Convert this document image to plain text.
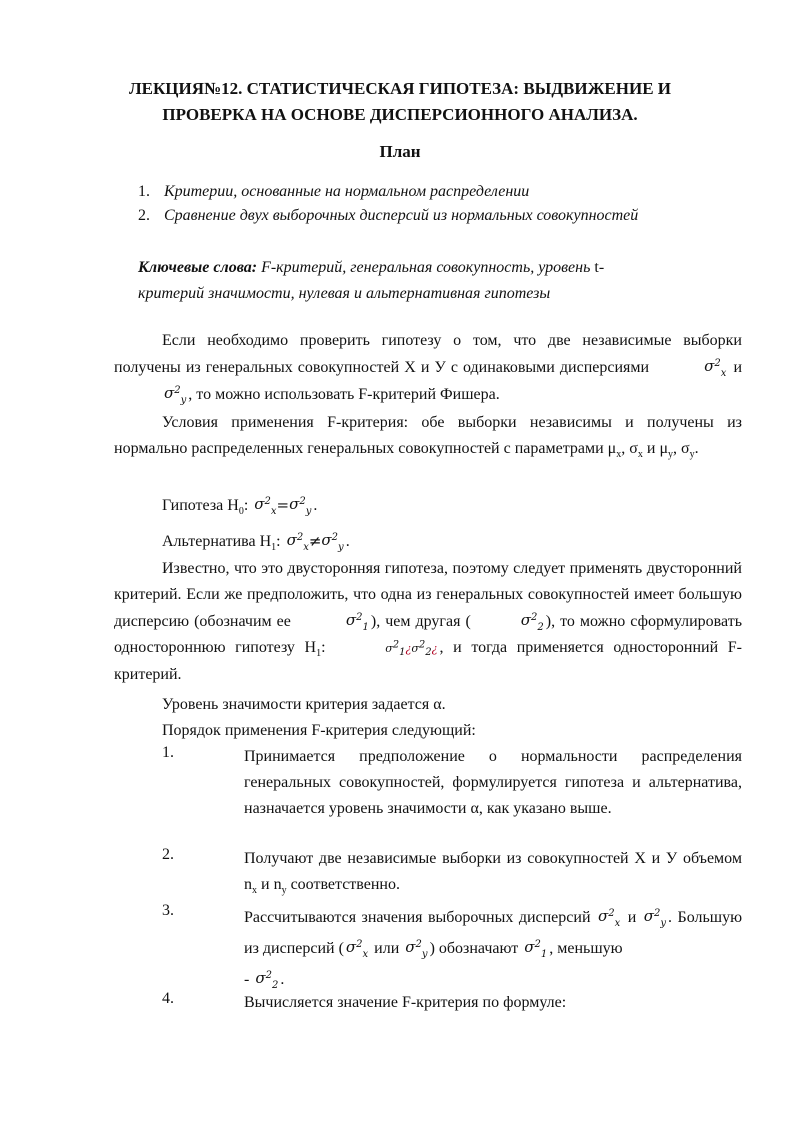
ЛЕКЦИЯ№12. СТАТИСТИЧЕСКАЯ ГИПОТЕЗА: ВЫДВИЖЕНИЕ И
ПРОВЕРКА НА ОСНОВЕ ДИСПЕРСИОННОГО АНАЛИЗА.
План
1. Критерии, основанные на нормальном распределении
2. Сравнение двух выборочных дисперсий из нормальных совокупностей
Ключевые слова: F-критерий, генеральная совокупность, уровень t-
критерий значимости, нулевая и альтернативная гипотезы
Если необходимо проверить гипотезу о том, что две независимые выборки получены из генеральных совокупностей X и У с одинаковыми дисперсиями	$\sigma^2_x$ и $\sigma^2_y$ , то можно использовать F-критерий Фишера.
Условия применения F-критерия: обе выборки независимы и получены из нормально распределенных генеральных совокупностей с параметрами $\mu_x$, $\sigma_x$ и $\mu_y$, $\sigma_y$.
Гипотеза $H_0$: $\sigma^2_x=\sigma^2_y$ .
Альтернатива $H_1$: $\sigma^2_x\ne\sigma^2_y$ .
Известно, что это двусторонняя гипотеза, поэтому следует применять двусторонний критерий. Если же предположить, что одна из генеральных совокупностей имеет большую дисперсию (обозначим ее	$\sigma^2_1$ ), чем другая (	$\sigma^2_2$ ), то можно сформулировать одностороннюю гипотезу $H_1$:	$\sigma^2_1¿\sigma^2_2¿$ , и тогда применяется односторонний F-критерий.
Уровень значимости критерия задается α.
Порядок применения F-критерия следующий:
1.	Принимается предположение о нормальности распределения генеральных совокупностей, формулируется гипотеза и альтернатива, назначается уровень значимости α, как указано выше.
2.	Получают две независимые выборки из совокупностей X и У объемом $n_x$ и $n_y$ соответственно.
3.	Рассчитываются значения выборочных дисперсий $\sigma^2_x$ и $\sigma^2_y$ . Большую из дисперсий ( $\sigma^2_x$ или $\sigma^2_y$ ) обозначают $\sigma^2_1$ , меньшую
- $\sigma^2_2$ .
4.	Вычисляется значение F-критерия по формуле:
